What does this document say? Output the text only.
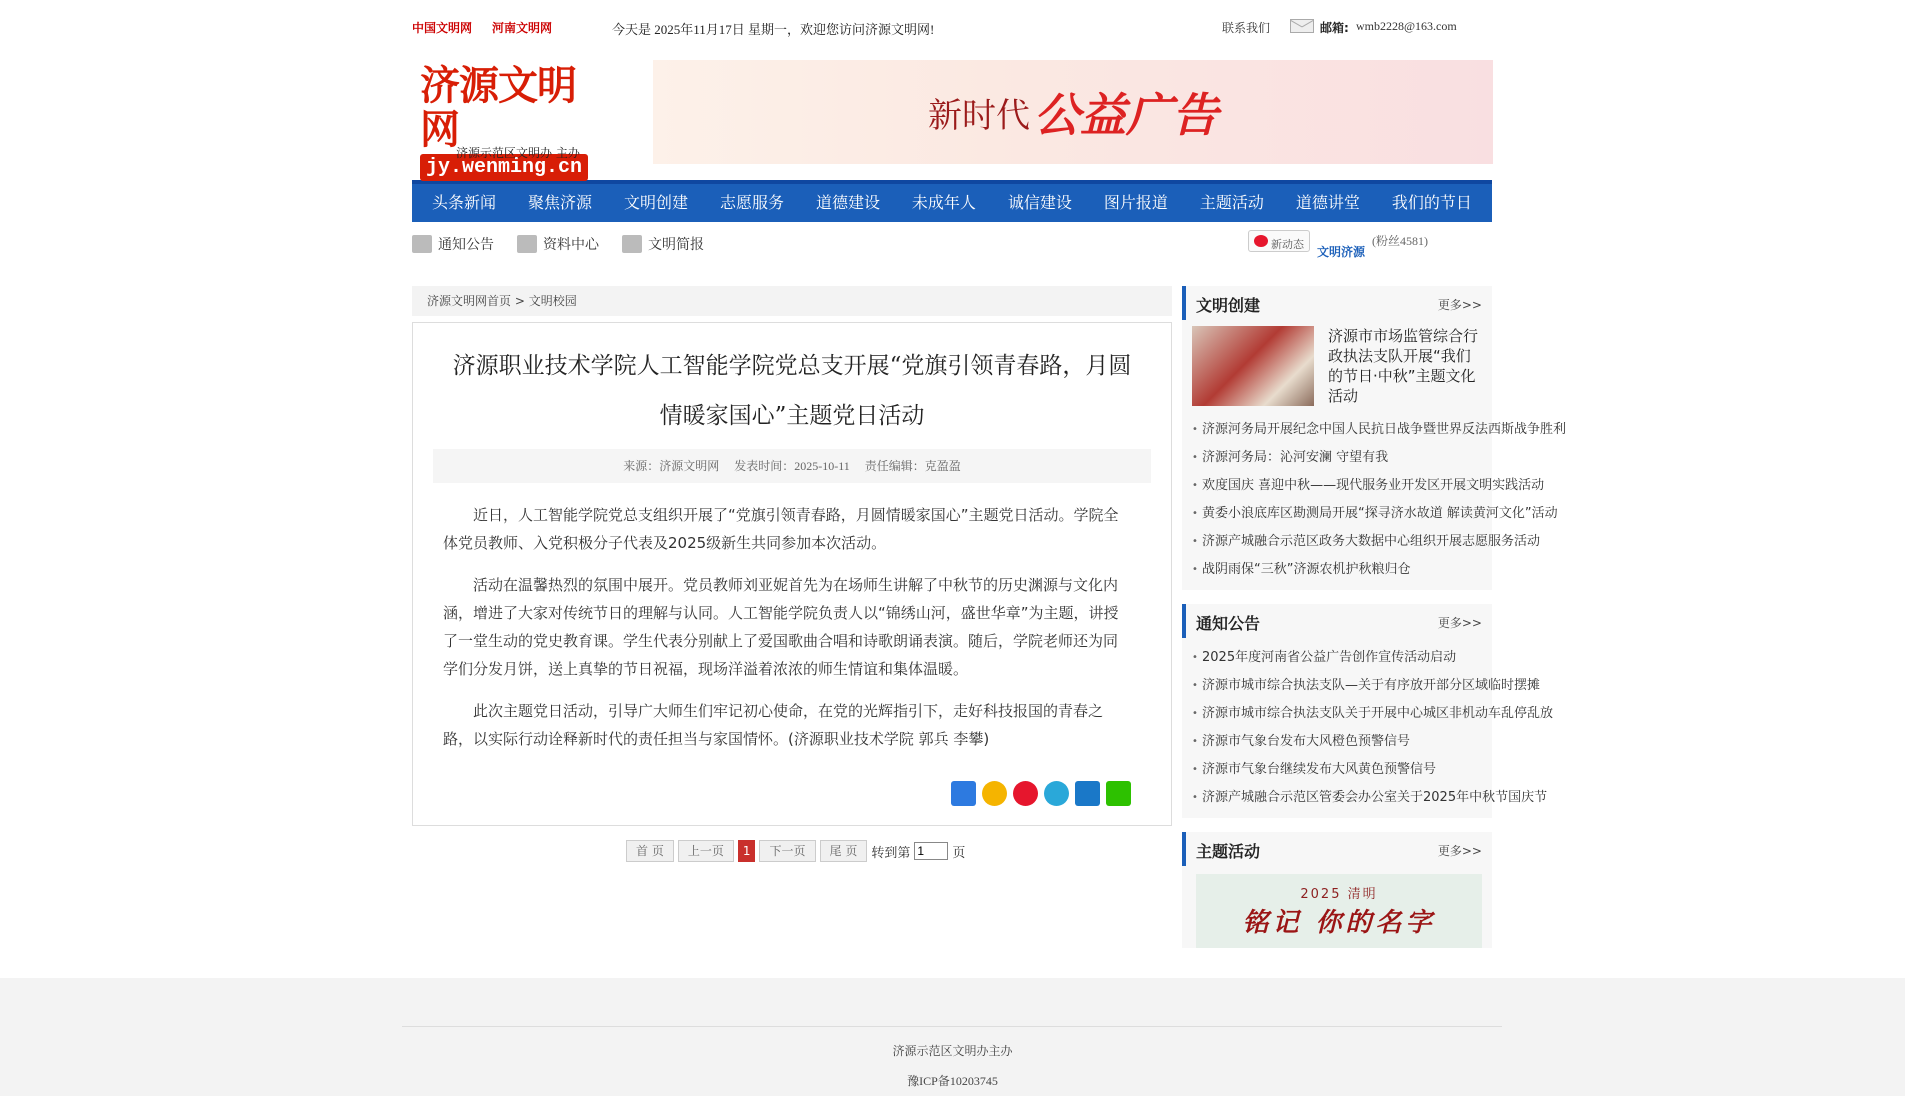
中国文明网 河南文明网	今天是 2025年11月17日 星期一，欢迎您访问济源文明网!	联系我们	邮箱: wmb2228@163.com
济源文明网
jy.wenming.cn
济源示范区文明办 主办
新时代 公益广告
头条新闻 聚焦济源 文明创建 志愿服务 道德建设 未成年人 诚信建设 图片报道 主题活动 道德讲堂 我们的节日
通知公告	资料中心	文明简报	新动态
文明济源
(粉丝4581)
济源文明网首页 > 文明校园
济源职业技术学院人工智能学院党总支开展“党旗引领青春路，月圆情暖家国心”主题党日活动
来源：济源文明网 发表时间：2025-10-11 责任编辑：克盈盈

近日，人工智能学院党总支组织开展了“党旗引领青春路，月圆情暖家国心”主题党日活动。学院全体党员教师、入党积极分子代表及2025级新生共同参加本次活动。

活动在温馨热烈的氛围中展开。党员教师刘亚妮首先为在场师生讲解了中秋节的历史渊源与文化内涵，增进了大家对传统节日的理解与认同。人工智能学院负责人以“锦绣山河，盛世华章”为主题，讲授了一堂生动的党史教育课。学生代表分别献上了爱国歌曲合唱和诗歌朗诵表演。随后，学院老师还为同学们分发月饼，送上真挚的节日祝福，现场洋溢着浓浓的师生情谊和集体温暖。

此次主题党日活动，引导广大师生们牢记初心使命，在党的光辉指引下，走好科技报国的青春之路，以实际行动诠释新时代的责任担当与家国情怀。(济源职业技术学院 郭兵 李攀)

首 页	上一页	1	下一页	尾 页	转到第
1	页
文明创建	更多>>
济源市市场监管综合行政执法支队开展“我们的节日·中秋”主题文化活动
• 济源河务局开展纪念中国人民抗日战争暨世界反法西斯战争胜利
• 济源河务局：沁河安澜 守望有我
• 欢度国庆 喜迎中秋——现代服务业开发区开展文明实践活动
• 黄委小浪底库区勘测局开展“探寻济水故道 解读黄河文化”活动
• 济源产城融合示范区政务大数据中心组织开展志愿服务活动
• 战阴雨保“三秋”济源农机护秋粮归仓
通知公告	更多>>
• 2025年度河南省公益广告创作宣传活动启动
• 济源市城市综合执法支队—关于有序放开部分区域临时摆摊
• 济源市城市综合执法支队关于开展中心城区非机动车乱停乱放
• 济源市气象台发布大风橙色预警信号
• 济源市气象台继续发布大风黄色预警信号
• 济源产城融合示范区管委会办公室关于2025年中秋节国庆节
主题活动	更多>>
2025 清明
铭记 你的名字
济源示范区文明办主办
豫ICP备10203745
